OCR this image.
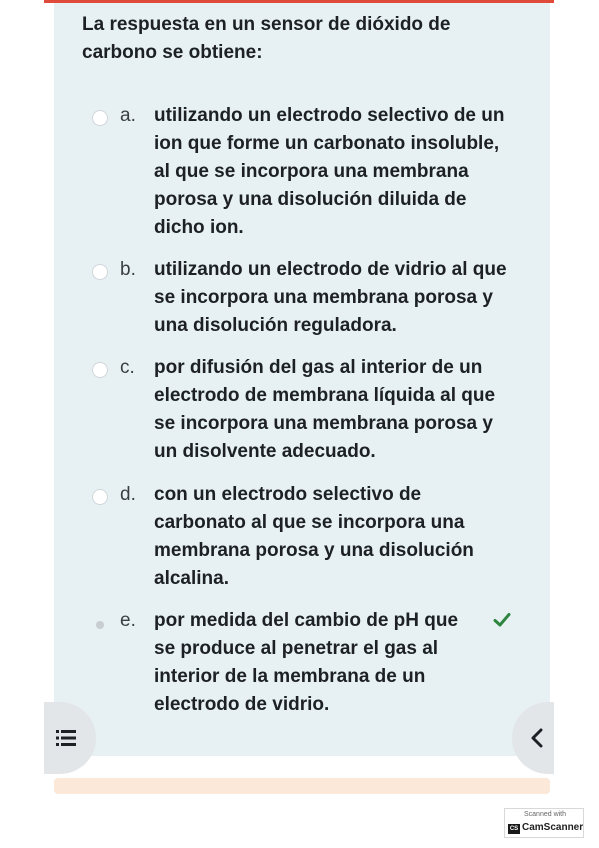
La respuesta en un sensor de dióxido de carbono se obtiene:
a. utilizando un electrodo selectivo de un
ion que forme un carbonato insoluble,
al que se incorpora una membrana
porosa y una disolución diluida de
dicho ion.
b. utilizando un electrodo de vidrio al que
se incorpora una membrana porosa y
una disolución reguladora.
c. por difusión del gas al interior de un
electrodo de membrana líquida al que
se incorpora una membrana porosa y
un disolvente adecuado.
d. con un electrodo selectivo de
carbonato al que se incorpora una
membrana porosa y una disolución
alcalina.
e. por medida del cambio de pH que
se produce al penetrar el gas al
interior de la membrana de un
electrodo de vidrio.
Scanned with
CS CamScanner
